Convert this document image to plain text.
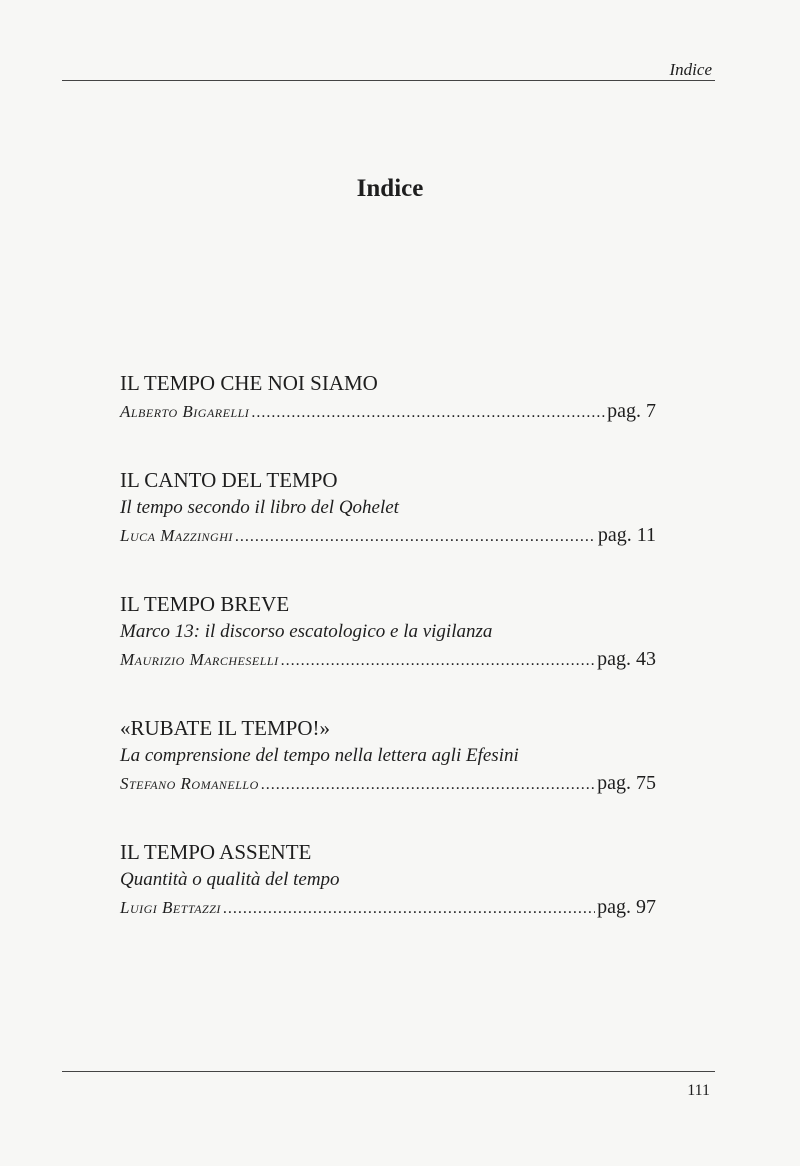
Indice
Indice
IL TEMPO CHE NOI SIAMO
Alberto Bigarelli .....	pag. 7
IL CANTO DEL TEMPO
Il tempo secondo il libro del Qohelet
Luca Mazzinghi .....	pag. 11
IL TEMPO BREVE
Marco 13: il discorso escatologico e la vigilanza
Maurizio Marcheselli .....	pag. 43
«RUBATE IL TEMPO!»
La comprensione del tempo nella lettera agli Efesini
Stefano Romanello .....	pag. 75
IL TEMPO ASSENTE
Quantità o qualità del tempo
Luigi Bettazzi .....	pag. 97
111
